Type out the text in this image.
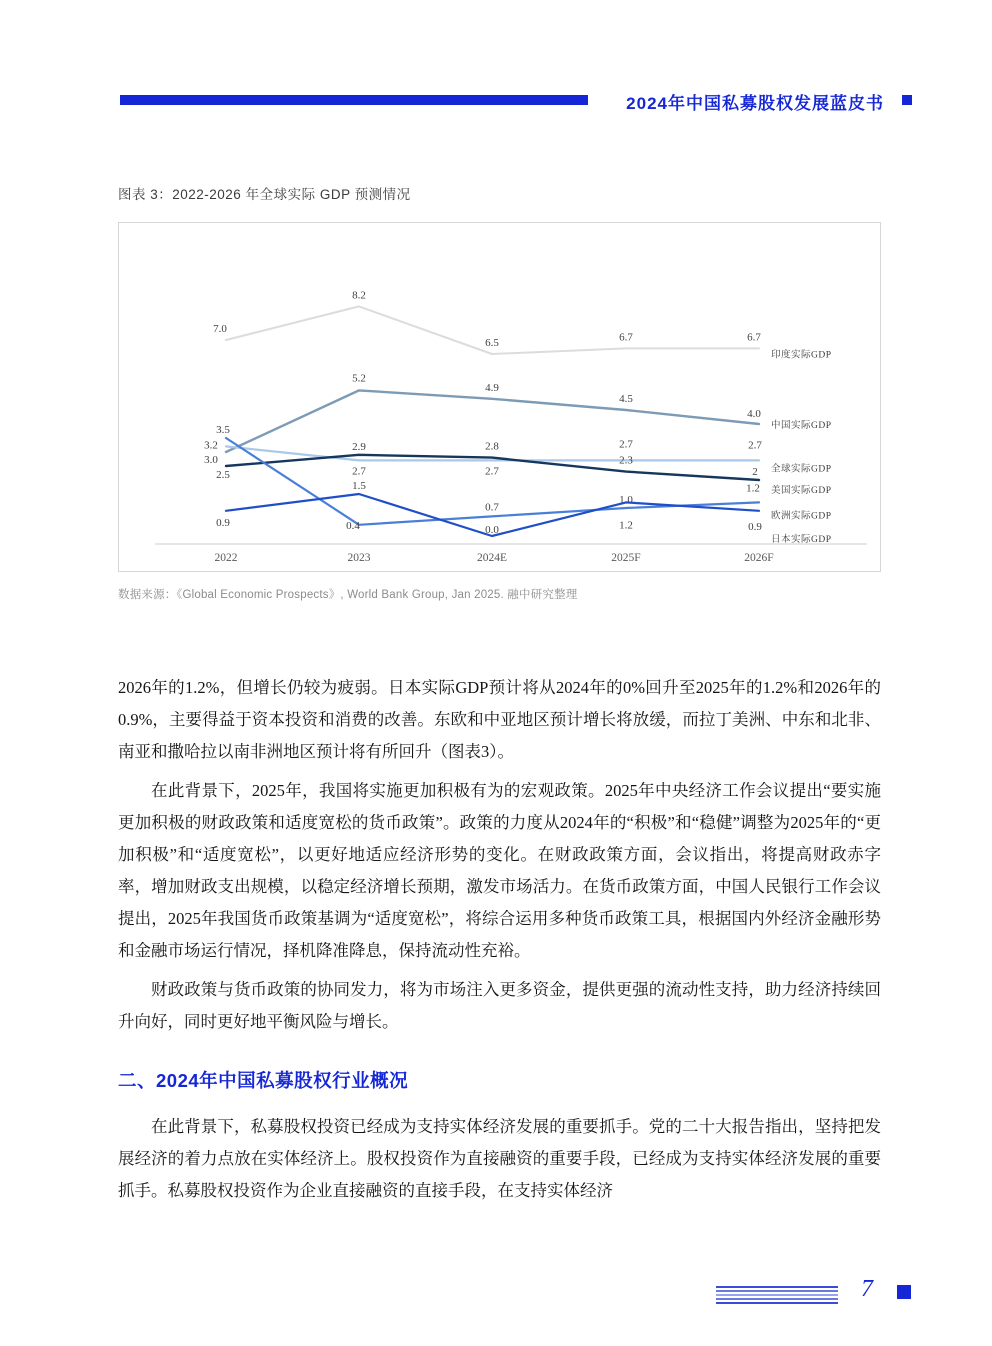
2024年中国私募股权发展蓝皮书
图表 3：2022-2026 年全球实际 GDP 预测情况
2022	2023	2024E	2025F	2026F
7.0
8.2
6.5	6.7	6.7
印度实际GDP
3.0
5.2
4.9
4.5
4.0
中国实际GDP
3.2
2.7	2.7
2.7	2.7
全球实际GDP
2.5
2.9	2.8
2.3
2
美国实际GDP
3.5
0.4
0.7
1.0
1.2
欧洲实际GDP
0.9
1.5
0.0	1.2	0.9
日本实际GDP
数据来源：《Global Economic Prospects》, World Bank Group, Jan 2025. 融中研究整理

2026年的1.2%，但增长仍较为疲弱。日本实际GDP预计将从2024年的0%回升至2025年的1.2%和2026年的0.9%，主要得益于资本投资和消费的改善。东欧和中亚地区预计增长将放缓，而拉丁美洲、中东和北非、南亚和撒哈拉以南非洲地区预计将有所回升（图表3）。

在此背景下，2025年，我国将实施更加积极有为的宏观政策。2025年中央经济工作会议提出“要实施更加积极的财政政策和适度宽松的货币政策”。政策的力度从2024年的“积极”和“稳健”调整为2025年的“更加积极”和“适度宽松”，以更好地适应经济形势的变化。在财政政策方面，会议指出，将提高财政赤字率，增加财政支出规模，以稳定经济增长预期，激发市场活力。在货币政策方面，中国人民银行工作会议提出，2025年我国货币政策基调为“适度宽松”，将综合运用多种货币政策工具，根据国内外经济金融形势和金融市场运行情况，择机降准降息，保持流动性充裕。

财政政策与货币政策的协同发力，将为市场注入更多资金，提供更强的流动性支持，助力经济持续回升向好，同时更好地平衡风险与增长。

二、2024年中国私募股权行业概况

在此背景下，私募股权投资已经成为支持实体经济发展的重要抓手。党的二十大报告指出，坚持把发展经济的着力点放在实体经济上。股权投资作为直接融资的重要手段，已经成为支持实体经济发展的重要抓手。私募股权投资作为企业直接融资的直接手段，在支持实体经济

7
